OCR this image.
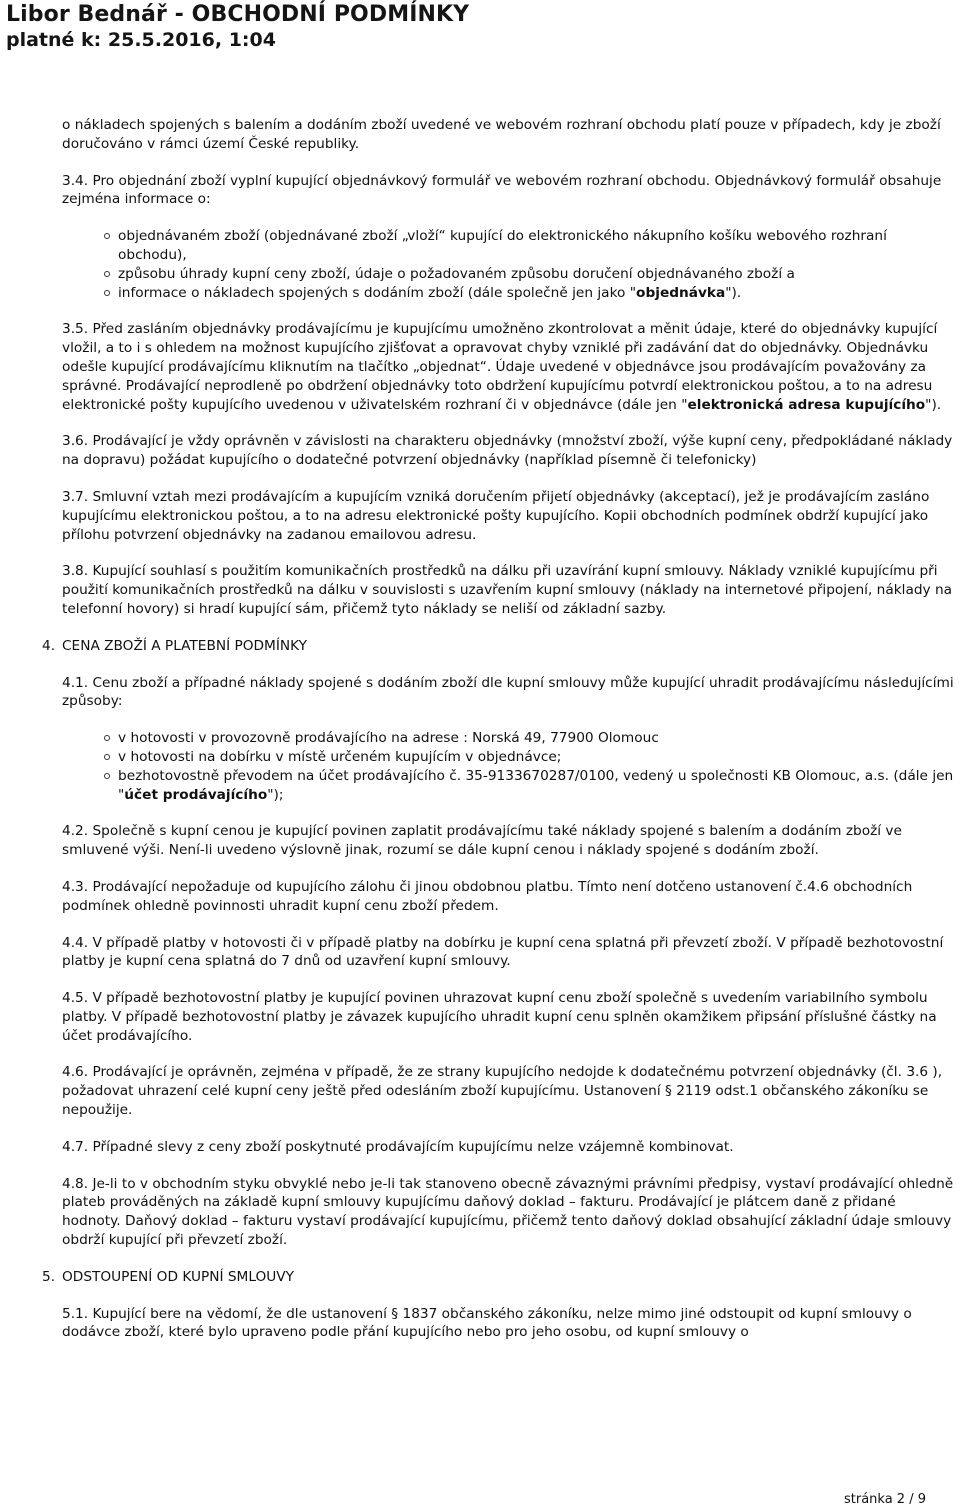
Libor Bednář - OBCHODNÍ PODMÍNKY
platné k: 25.5.2016, 1:04

o nákladech spojených s balením a dodáním zboží uvedené ve webovém rozhraní obchodu platí pouze v případech, kdy je zboží doručováno v rámci území České republiky.

3.4. Pro objednání zboží vyplní kupující objednávkový formulář ve webovém rozhraní obchodu. Objednávkový formulář obsahuje zejména informace o:

objednávaném zboží (objednávané zboží „vloží“ kupující do elektronického nákupního košíku webového rozhraní obchodu),
způsobu úhrady kupní ceny zboží, údaje o požadovaném způsobu doručení objednávaného zboží a
informace o nákladech spojených s dodáním zboží (dále společně jen jako "objednávka").

3.5. Před zasláním objednávky prodávajícímu je kupujícímu umožněno zkontrolovat a měnit údaje, které do objednávky kupující vložil, a to i s ohledem na možnost kupujícího zjišťovat a opravovat chyby vzniklé při zadávání dat do objednávky. Objednávku odešle kupující prodávajícímu kliknutím na tlačítko „objednat“. Údaje uvedené v objednávce jsou prodávajícím považovány za správné. Prodávající neprodleně po obdržení objednávky toto obdržení kupujícímu potvrdí elektronickou poštou, a to na adresu elektronické pošty kupujícího uvedenou v uživatelském rozhraní či v objednávce (dále jen "elektronická adresa kupujícího").

3.6. Prodávající je vždy oprávněn v závislosti na charakteru objednávky (množství zboží, výše kupní ceny, předpokládané náklady na dopravu) požádat kupujícího o dodatečné potvrzení objednávky (například písemně či telefonicky)

3.7. Smluvní vztah mezi prodávajícím a kupujícím vzniká doručením přijetí objednávky (akceptací), jež je prodávajícím zasláno kupujícímu elektronickou poštou, a to na adresu elektronické pošty kupujícího. Kopii obchodních podmínek obdrží kupující jako přílohu potvrzení objednávky na zadanou emailovou adresu.

3.8. Kupující souhlasí s použitím komunikačních prostředků na dálku při uzavírání kupní smlouvy. Náklady vzniklé kupujícímu při použití komunikačních prostředků na dálku v souvislosti s uzavřením kupní smlouvy (náklady na internetové připojení, náklady na telefonní hovory) si hradí kupující sám, přičemž tyto náklady se neliší od základní sazby.

4. CENA ZBOŽÍ A PLATEBNÍ PODMÍNKY

4.1. Cenu zboží a případné náklady spojené s dodáním zboží dle kupní smlouvy může kupující uhradit prodávajícímu následujícími způsoby:

v hotovosti v provozovně prodávajícího na adrese : Norská 49, 77900 Olomouc
v hotovosti na dobírku v místě určeném kupujícím v objednávce;
bezhotovostně převodem na účet prodávajícího č. 35-9133670287/0100, vedený u společnosti KB Olomouc, a.s. (dále jen "účet prodávajícího");

4.2. Společně s kupní cenou je kupující povinen zaplatit prodávajícímu také náklady spojené s balením a dodáním zboží ve smluvené výši. Není-li uvedeno výslovně jinak, rozumí se dále kupní cenou i náklady spojené s dodáním zboží.

4.3. Prodávající nepožaduje od kupujícího zálohu či jinou obdobnou platbu. Tímto není dotčeno ustanovení č.4.6 obchodních podmínek ohledně povinnosti uhradit kupní cenu zboží předem.

4.4. V případě platby v hotovosti či v případě platby na dobírku je kupní cena splatná při převzetí zboží. V případě bezhotovostní platby je kupní cena splatná do 7 dnů od uzavření kupní smlouvy.

4.5. V případě bezhotovostní platby je kupující povinen uhrazovat kupní cenu zboží společně s uvedením variabilního symbolu platby. V případě bezhotovostní platby je závazek kupujícího uhradit kupní cenu splněn okamžikem připsání příslušné částky na účet prodávajícího.

4.6. Prodávající je oprávněn, zejména v případě, že ze strany kupujícího nedojde k dodatečnému potvrzení objednávky (čl. 3.6 ), požadovat uhrazení celé kupní ceny ještě před odesláním zboží kupujícímu. Ustanovení § 2119 odst.1 občanského zákoníku se nepoužije.

4.7. Případné slevy z ceny zboží poskytnuté prodávajícím kupujícímu nelze vzájemně kombinovat.

4.8. Je-li to v obchodním styku obvyklé nebo je-li tak stanoveno obecně závaznými právními předpisy, vystaví prodávající ohledně plateb prováděných na základě kupní smlouvy kupujícímu daňový doklad – fakturu. Prodávající je plátcem daně z přidané hodnoty. Daňový doklad – fakturu vystaví prodávající kupujícímu, přičemž tento daňový doklad obsahující základní údaje smlouvy obdrží kupující při převzetí zboží.

5. ODSTOUPENÍ OD KUPNÍ SMLOUVY

5.1. Kupující bere na vědomí, že dle ustanovení § 1837 občanského zákoníku, nelze mimo jiné odstoupit od kupní smlouvy o dodávce zboží, které bylo upraveno podle přání kupujícího nebo pro jeho osobu, od kupní smlouvy o

stránka 2 / 9
